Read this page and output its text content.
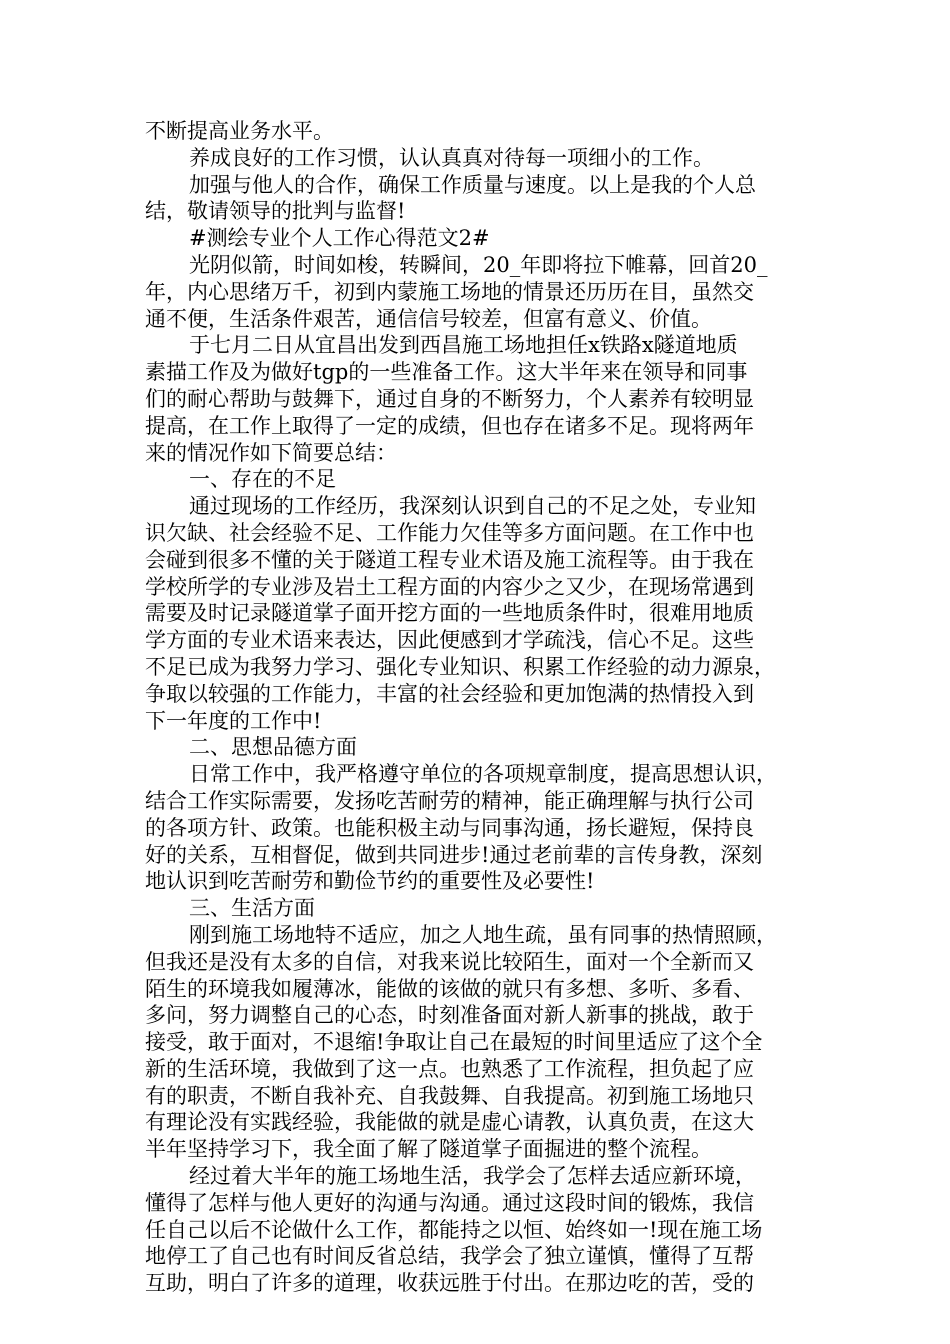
不断提高业务水平。
养成良好的工作习惯，认认真真对待每一项细小的工作。
加强与他人的合作，确保工作质量与速度。以上是我的个人总
结，敬请领导的批判与监督!
#测绘专业个人工作心得范文2#
光阴似箭，时间如梭，转瞬间，20_年即将拉下帷幕，回首20_
年，内心思绪万千，初到内蒙施工场地的情景还历历在目，虽然交
通不便，生活条件艰苦，通信信号较差，但富有意义、价值。
于七月二日从宜昌出发到西昌施工场地担任x铁路x隧道地质
素描工作及为做好tgp的一些准备工作。这大半年来在领导和同事
们的耐心帮助与鼓舞下，通过自身的不断努力，个人素养有较明显
提高，在工作上取得了一定的成绩，但也存在诸多不足。现将两年
来的情况作如下简要总结：
一、存在的不足
通过现场的工作经历，我深刻认识到自己的不足之处，专业知
识欠缺、社会经验不足、工作能力欠佳等多方面问题。在工作中也
会碰到很多不懂的关于隧道工程专业术语及施工流程等。由于我在
学校所学的专业涉及岩土工程方面的内容少之又少，在现场常遇到
需要及时记录隧道掌子面开挖方面的一些地质条件时，很难用地质
学方面的专业术语来表达，因此便感到才学疏浅，信心不足。这些
不足已成为我努力学习、强化专业知识、积累工作经验的动力源泉，
争取以较强的工作能力，丰富的社会经验和更加饱满的热情投入到
下一年度的工作中!
二、思想品德方面
日常工作中，我严格遵守单位的各项规章制度，提高思想认识，
结合工作实际需要，发扬吃苦耐劳的精神，能正确理解与执行公司
的各项方针、政策。也能积极主动与同事沟通，扬长避短，保持良
好的关系，互相督促，做到共同进步!通过老前辈的言传身教，深刻
地认识到吃苦耐劳和勤俭节约的重要性及必要性!
三、生活方面
刚到施工场地特不适应，加之人地生疏，虽有同事的热情照顾，
但我还是没有太多的自信，对我来说比较陌生，面对一个全新而又
陌生的环境我如履薄冰，能做的该做的就只有多想、多听、多看、
多问，努力调整自己的心态，时刻准备面对新人新事的挑战，敢于
接受，敢于面对，不退缩!争取让自己在最短的时间里适应了这个全
新的生活环境，我做到了这一点。也熟悉了工作流程，担负起了应
有的职责，不断自我补充、自我鼓舞、自我提高。初到施工场地只
有理论没有实践经验，我能做的就是虚心请教，认真负责，在这大
半年坚持学习下，我全面了解了隧道掌子面掘进的整个流程。
经过着大半年的施工场地生活，我学会了怎样去适应新环境，
懂得了怎样与他人更好的沟通与沟通。通过这段时间的锻炼，我信
任自己以后不论做什么工作，都能持之以恒、始终如一!现在施工场
地停工了自己也有时间反省总结，我学会了独立谨慎，懂得了互帮
互助，明白了许多的道理，收获远胜于付出。在那边吃的苦，受的
